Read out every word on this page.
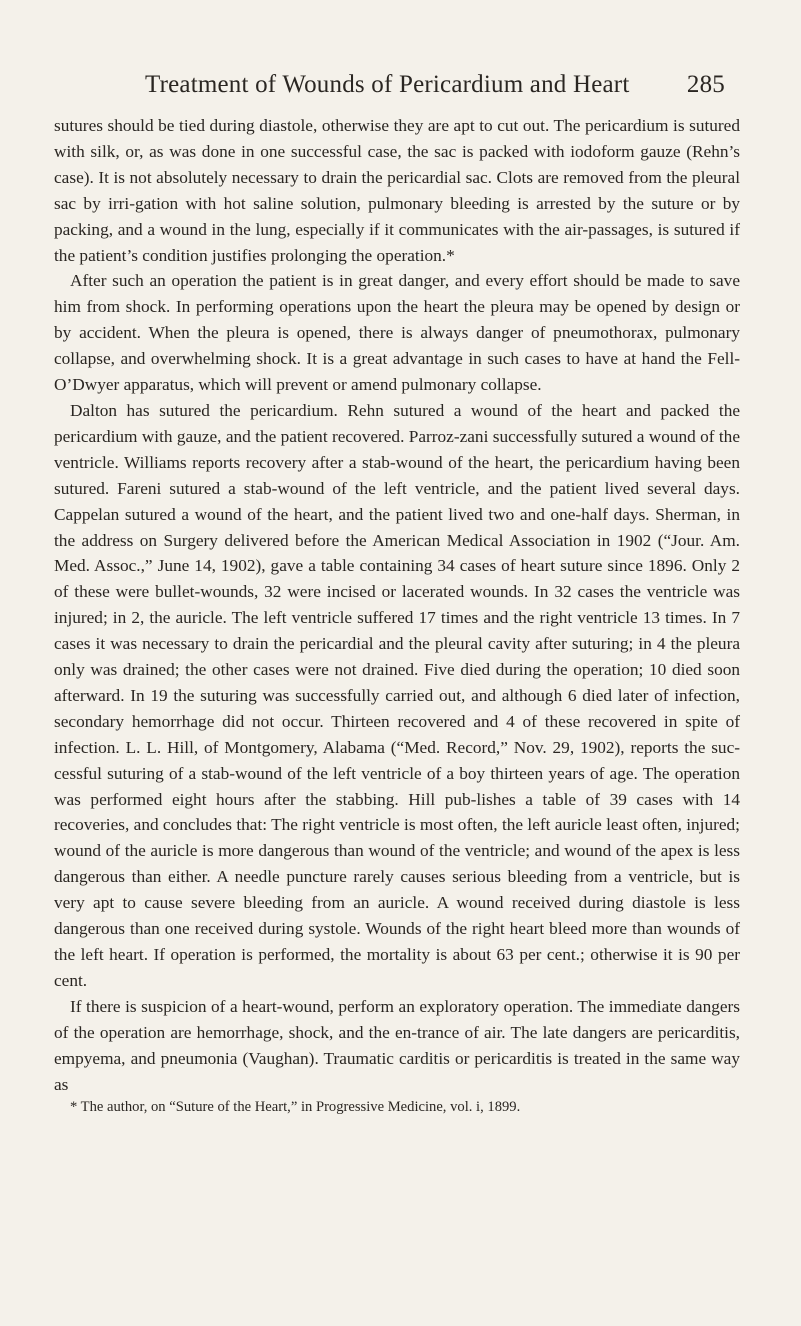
Treatment of Wounds of Pericardium and Heart 285

sutures should be tied during diastole, otherwise they are apt to cut out. The pericardium is sutured with silk, or, as was done in one successful case, the sac is packed with iodoform gauze (Rehn’s case). It is not absolutely necessary to drain the pericardial sac. Clots are removed from the pleural sac by irri-gation with hot saline solution, pulmonary bleeding is arrested by the suture or by packing, and a wound in the lung, especially if it communicates with the air-passages, is sutured if the patient’s condition justifies prolonging the operation.*

After such an operation the patient is in great danger, and every effort should be made to save him from shock. In performing operations upon the heart the pleura may be opened by design or by accident. When the pleura is opened, there is always danger of pneumothorax, pulmonary collapse, and overwhelming shock. It is a great advantage in such cases to have at hand the Fell-O’Dwyer apparatus, which will prevent or amend pulmonary collapse.

Dalton has sutured the pericardium. Rehn sutured a wound of the heart and packed the pericardium with gauze, and the patient recovered. Parroz-zani successfully sutured a wound of the ventricle. Williams reports recovery after a stab-wound of the heart, the pericardium having been sutured. Fareni sutured a stab-wound of the left ventricle, and the patient lived several days. Cappelan sutured a wound of the heart, and the patient lived two and one-half days. Sherman, in the address on Surgery delivered before the American Medical Association in 1902 (“Jour. Am. Med. Assoc.,” June 14, 1902), gave a table containing 34 cases of heart suture since 1896. Only 2 of these were bullet-wounds, 32 were incised or lacerated wounds. In 32 cases the ventricle was injured; in 2, the auricle. The left ventricle suffered 17 times and the right ventricle 13 times. In 7 cases it was necessary to drain the pericardial and the pleural cavity after suturing; in 4 the pleura only was drained; the other cases were not drained. Five died during the operation; 10 died soon afterward. In 19 the suturing was successfully carried out, and although 6 died later of infection, secondary hemorrhage did not occur. Thirteen recovered and 4 of these recovered in spite of infection. L. L. Hill, of Montgomery, Alabama (“Med. Record,” Nov. 29, 1902), reports the suc-cessful suturing of a stab-wound of the left ventricle of a boy thirteen years of age. The operation was performed eight hours after the stabbing. Hill pub-lishes a table of 39 cases with 14 recoveries, and concludes that: The right ventricle is most often, the left auricle least often, injured; wound of the auricle is more dangerous than wound of the ventricle; and wound of the apex is less dangerous than either. A needle puncture rarely causes serious bleeding from a ventricle, but is very apt to cause severe bleeding from an auricle. A wound received during diastole is less dangerous than one received during systole. Wounds of the right heart bleed more than wounds of the left heart. If operation is performed, the mortality is about 63 per cent.; otherwise it is 90 per cent.

If there is suspicion of a heart-wound, perform an exploratory operation. The immediate dangers of the operation are hemorrhage, shock, and the en-trance of air. The late dangers are pericarditis, empyema, and pneumonia (Vaughan). Traumatic carditis or pericarditis is treated in the same way as

* The author, on “Suture of the Heart,” in Progressive Medicine, vol. i, 1899.
